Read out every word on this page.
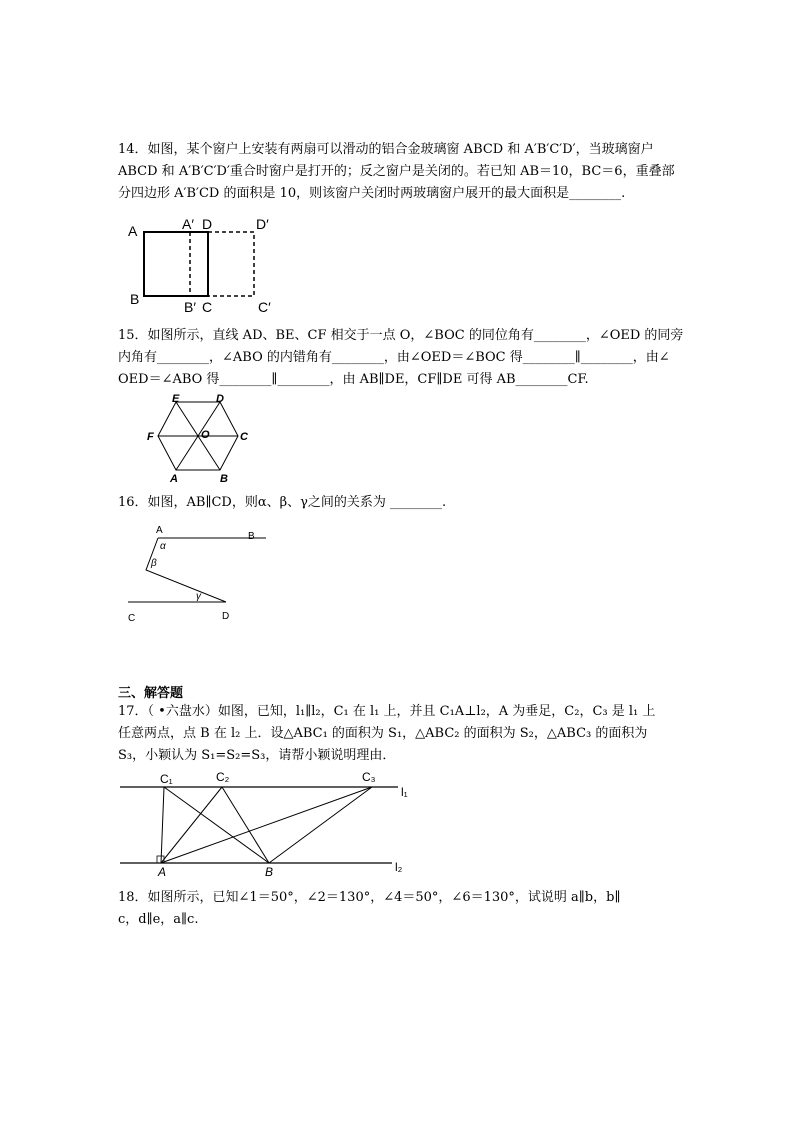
14．如图，某个窗户上安装有两扇可以滑动的铝合金玻璃窗 ABCD 和 A′B′C′D′，当玻璃窗户
ABCD 和 A′B′C′D′重合时窗户是打开的；反之窗户是关闭的。若已知 AB＝10，BC＝6，重叠部
分四边形 A′B′CD 的面积是 10，则该窗户关闭时两玻璃窗户展开的最大面积是________.
A	A′ D	D′
B	B′ C	C′
15．如图所示，直线 AD、BE、CF 相交于一点 O，∠BOC 的同位角有________，∠OED 的同旁
内角有________，∠ABO 的内错角有________，由∠OED＝∠BOC 得________∥________，由∠
OED＝∠ABO 得________∥________，由 AB∥DE，CF∥DE 可得 AB________CF.
E	D
F	C
O
A	B
16．如图，AB∥CD，则α、β、γ之间的关系为 ________.
A
B
C	D
α
β
γ
三、解答题
17．（ •六盘水）如图，已知，l₁∥l₂，C₁ 在 l₁ 上，并且 C₁A⊥l₂，A 为垂足，C₂，C₃ 是 l₁ 上
任意两点，点 B 在 l₂ 上．设△ABC₁ 的面积为 S₁，△ABC₂ 的面积为 S₂，△ABC₃ 的面积为
S₃，小颖认为 S₁=S₂=S₃，请帮小颖说明理由．
C₁	C₂	C₃
l₁
l₂
A	B
18．如图所示，已知∠1＝50°，∠2＝130°，∠4＝50°，∠6＝130°，试说明 a∥b，b∥
c，d∥e，a∥c.
